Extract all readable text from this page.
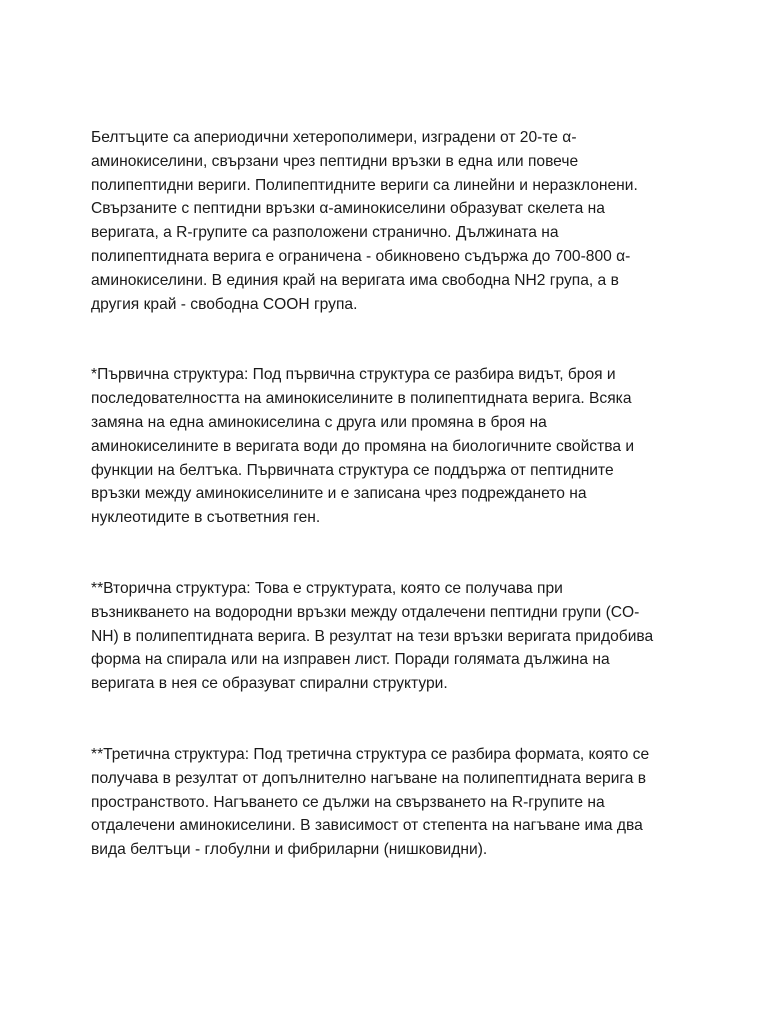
Белтъците са апериодични хетерополимери, изградени от 20-те α-
аминокиселини, свързани чрез пептидни връзки в една или повече
полипептидни вериги. Полипептидните вериги са линейни и неразклонени.
Свързаните с пептидни връзки α-аминокиселини образуват скелета на
веригата, а R-групите са разположени странично. Дължината на
полипептидната верига е ограничена - обикновено съдържа до 700-800 α-
аминокиселини. В единия край на веригата има свободна NH2 група, а в
другия край - свободна COOH група.

*Първична структура: Под първична структура се разбира видът, броя и
последователността на аминокиселините в полипептидната верига. Всяка
замяна на една аминокиселина с друга или промяна в броя на
аминокиселините в веригата води до промяна на биологичните свойства и
функции на белтъка. Първичната структура се поддържа от пептидните
връзки между аминокиселините и е записана чрез подреждането на
нуклеотидите в съответния ген.

**Вторична структура: Това е структурата, която се получава при
възникването на водородни връзки между отдалечени пептидни групи (CO-
NH) в полипептидната верига. В резултат на тези връзки веригата придобива
форма на спирала или на изправен лист. Поради голямата дължина на
веригата в нея се образуват спирални структури.

**Третична структура: Под третична структура се разбира формата, която се
получава в резултат от допълнително нагъване на полипептидната верига в
пространството. Нагъването се дължи на свързването на R-групите на
отдалечени аминокиселини. В зависимост от степента на нагъване има два
вида белтъци - глобулни и фибриларни (нишковидни).
